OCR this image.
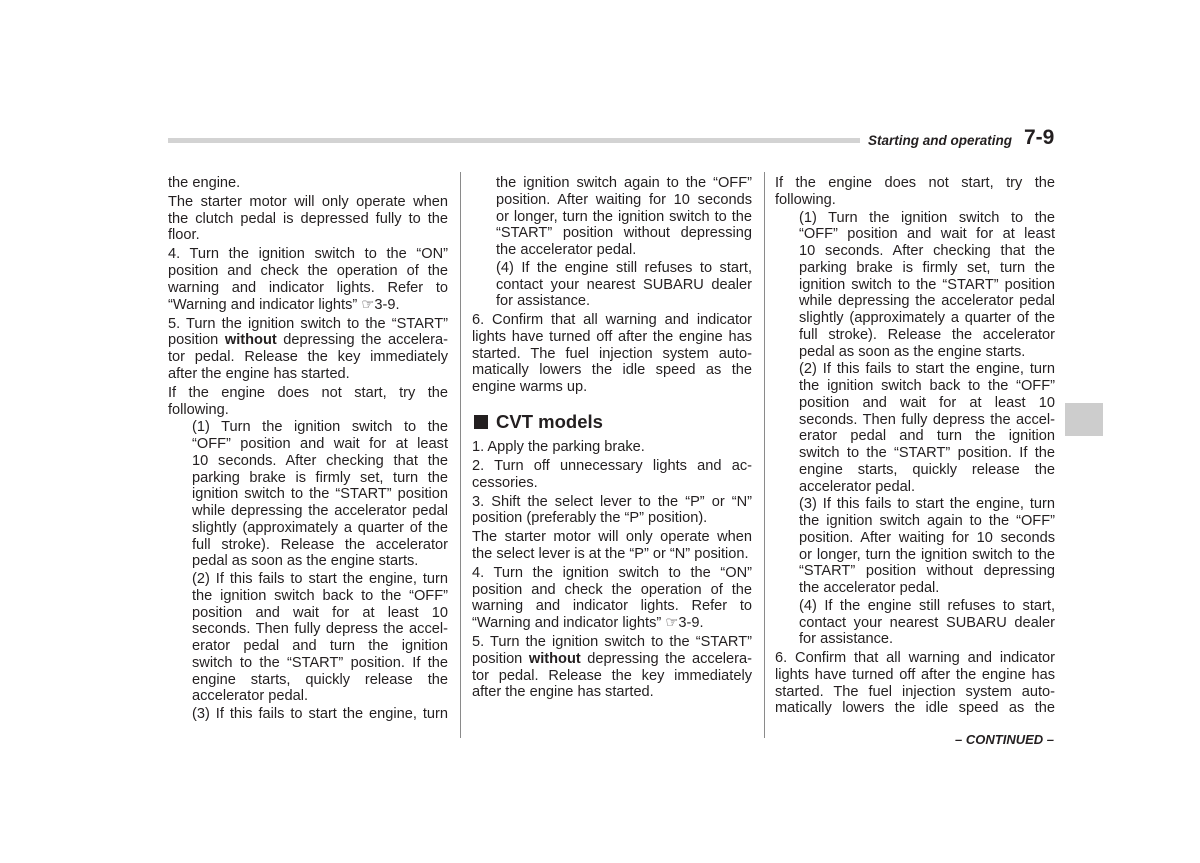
Starting and operating 7-9
the engine.
The starter motor will only operate when
the clutch pedal is depressed fully to the
floor.
4. Turn the ignition switch to the “ON”
position and check the operation of the
warning and indicator lights. Refer to
“Warning and indicator lights” ☞3-9.
5. Turn the ignition switch to the “START”
position without depressing the accelera-
tor pedal. Release the key immediately
after the engine has started.
If the engine does not start, try the
following.
(1) Turn the ignition switch to the
“OFF” position and wait for at least
10 seconds. After checking that the
parking brake is firmly set, turn the
ignition switch to the “START” position
while depressing the accelerator pedal
slightly (approximately a quarter of the
full stroke). Release the accelerator
pedal as soon as the engine starts.
(2) If this fails to start the engine, turn
the ignition switch back to the “OFF”
position and wait for at least 10
seconds. Then fully depress the accel-
erator pedal and turn the ignition
switch to the “START” position. If the
engine starts, quickly release the
accelerator pedal.
(3) If this fails to start the engine, turn
the ignition switch again to the “OFF”
position. After waiting for 10 seconds
or longer, turn the ignition switch to the
“START” position without depressing
the accelerator pedal.
(4) If the engine still refuses to start,
contact your nearest SUBARU dealer
for assistance.
6. Confirm that all warning and indicator
lights have turned off after the engine has
started. The fuel injection system auto-
matically lowers the idle speed as the
engine warms up.
CVT models
1. Apply the parking brake.
2. Turn off unnecessary lights and ac-
cessories.
3. Shift the select lever to the “P” or “N”
position (preferably the “P” position).
The starter motor will only operate when
the select lever is at the “P” or “N” position.
4. Turn the ignition switch to the “ON”
position and check the operation of the
warning and indicator lights. Refer to
“Warning and indicator lights” ☞3-9.
5. Turn the ignition switch to the “START”
position without depressing the accelera-
tor pedal. Release the key immediately
after the engine has started.
If the engine does not start, try the
following.
(1) Turn the ignition switch to the
“OFF” position and wait for at least
10 seconds. After checking that the
parking brake is firmly set, turn the
ignition switch to the “START” position
while depressing the accelerator pedal
slightly (approximately a quarter of the
full stroke). Release the accelerator
pedal as soon as the engine starts.
(2) If this fails to start the engine, turn
the ignition switch back to the “OFF”
position and wait for at least 10
seconds. Then fully depress the accel-
erator pedal and turn the ignition
switch to the “START” position. If the
engine starts, quickly release the
accelerator pedal.
(3) If this fails to start the engine, turn
the ignition switch again to the “OFF”
position. After waiting for 10 seconds
or longer, turn the ignition switch to the
“START” position without depressing
the accelerator pedal.
(4) If the engine still refuses to start,
contact your nearest SUBARU dealer
for assistance.
6. Confirm that all warning and indicator
lights have turned off after the engine has
started. The fuel injection system auto-
matically lowers the idle speed as the
– CONTINUED –
